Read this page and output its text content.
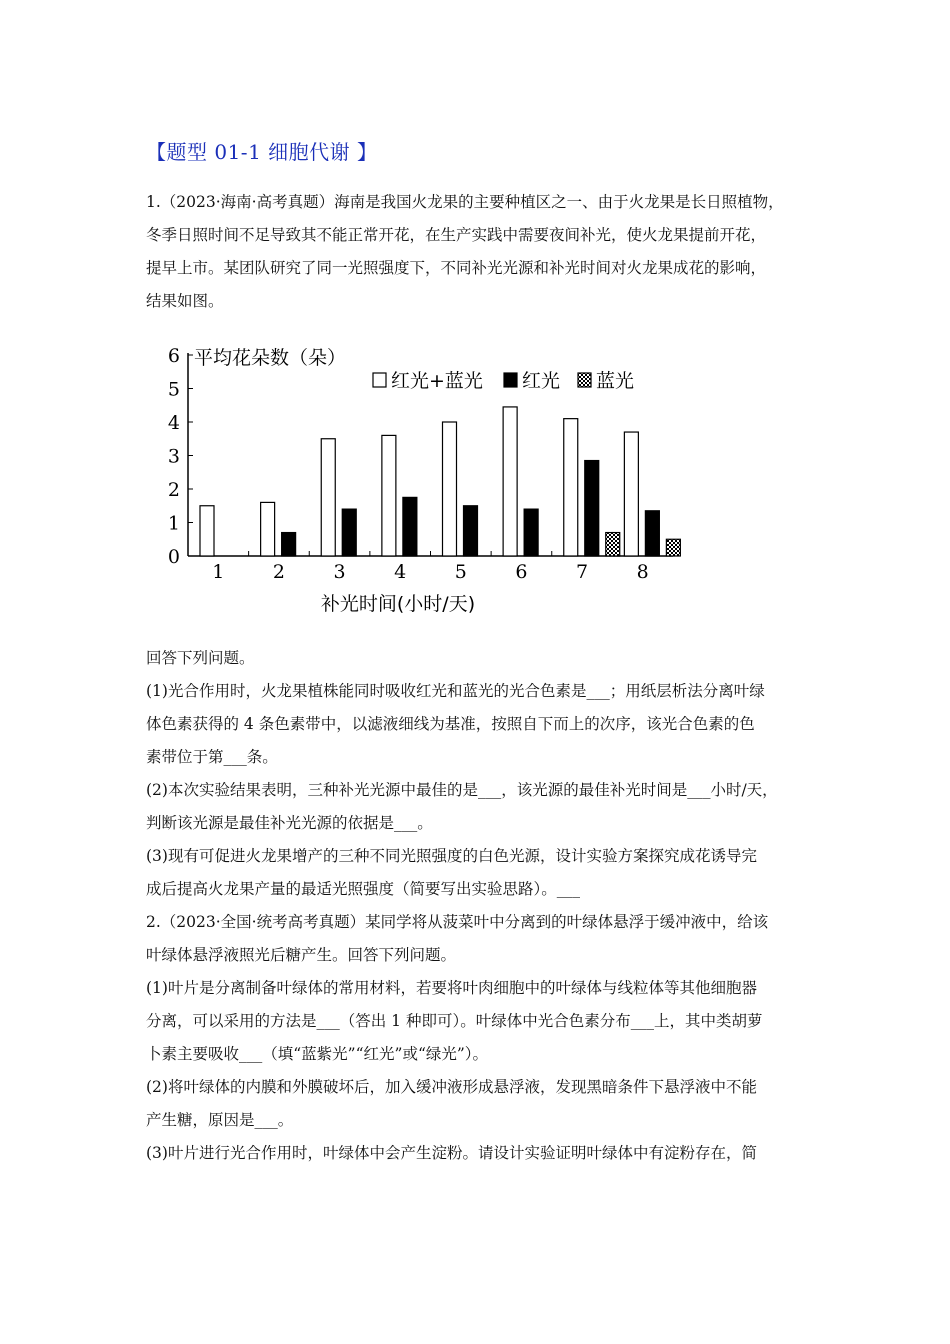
【题型 01-1 细胞代谢 】
1.（2023·海南·高考真题）海南是我国火龙果的主要种植区之一、由于火龙果是长日照植物，
冬季日照时间不足导致其不能正常开花，在生产实践中需要夜间补光，使火龙果提前开花，
提早上市。某团队研究了同一光照强度下，不同补光光源和补光时间对火龙果成花的影响，
结果如图。
0
1
2
3
4
5
6 平均花朵数（朵）
1	2	3	4	5	6	7	8
补光时间(小时/天)
红光+蓝光 红光 蓝光
回答下列问题。
(1)光合作用时，火龙果植株能同时吸收红光和蓝光的光合色素是___；用纸层析法分离叶绿
体色素获得的 4 条色素带中，以滤液细线为基准，按照自下而上的次序，该光合色素的色
素带位于第___条。
(2)本次实验结果表明，三种补光光源中最佳的是___，该光源的最佳补光时间是___小时/天，
判断该光源是最佳补光光源的依据是___。
(3)现有可促进火龙果增产的三种不同光照强度的白色光源，设计实验方案探究成花诱导完
成后提高火龙果产量的最适光照强度（简要写出实验思路）。___
2.（2023·全国·统考高考真题）某同学将从菠菜叶中分离到的叶绿体悬浮于缓冲液中，给该
叶绿体悬浮液照光后糖产生。回答下列问题。
(1)叶片是分离制备叶绿体的常用材料，若要将叶肉细胞中的叶绿体与线粒体等其他细胞器
分离，可以采用的方法是___（答出 1 种即可）。叶绿体中光合色素分布___上，其中类胡萝
卜素主要吸收___（填“蓝紫光”“红光”或“绿光”）。
(2)将叶绿体的内膜和外膜破坏后，加入缓冲液形成悬浮液，发现黑暗条件下悬浮液中不能
产生糖，原因是___。
(3)叶片进行光合作用时，叶绿体中会产生淀粉。请设计实验证明叶绿体中有淀粉存在，简
